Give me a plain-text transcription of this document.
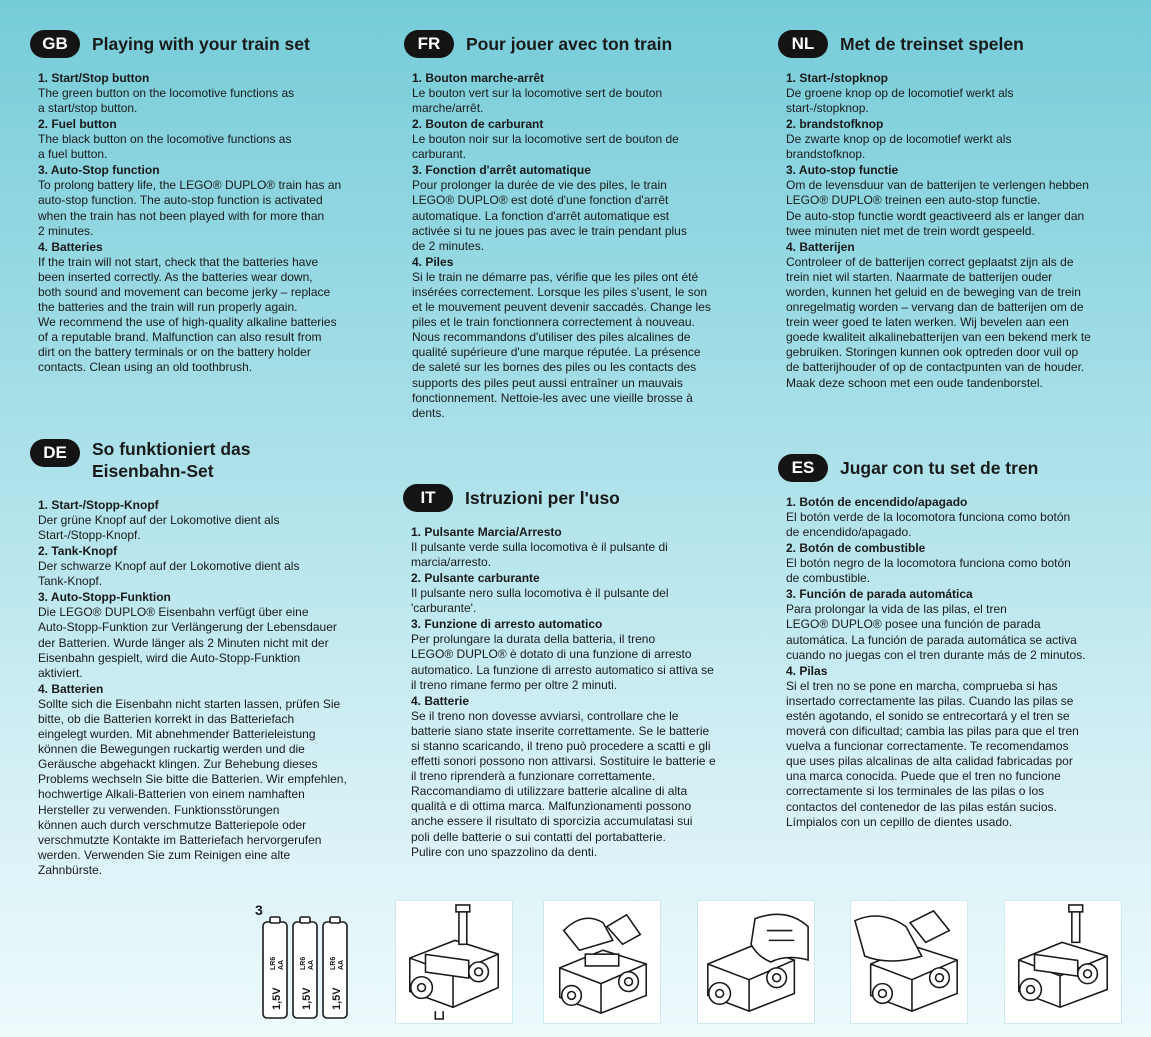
GB	Playing with your train set
1. Start/Stop button

The green button on the locomotive functions as
a start/stop button.

2. Fuel button

The black button on the locomotive functions as
a fuel button.

3. Auto-Stop function

To prolong battery life, the LEGO® DUPLO® train has an
auto-stop function. The auto-stop function is activated
when the train has not been played with for more than
2 minutes.

4. Batteries

If the train will not start, check that the batteries have
been inserted correctly. As the batteries wear down,
both sound and movement can become jerky – replace
the batteries and the train will run properly again.
We recommend the use of high-quality alkaline batteries
of a reputable brand. Malfunction can also result from
dirt on the battery terminals or on the battery holder
contacts. Clean using an old toothbrush.

FR	Pour jouer avec ton train
1. Bouton marche-arrêt

Le bouton vert sur la locomotive sert de bouton
marche/arrêt.

2. Bouton de carburant

Le bouton noir sur la locomotive sert de bouton de
carburant.

3. Fonction d'arrêt automatique

Pour prolonger la durée de vie des piles, le train
LEGO® DUPLO® est doté d'une fonction d'arrêt
automatique. La fonction d'arrêt automatique est
activée si tu ne joues pas avec le train pendant plus
de 2 minutes.

4. Piles

Si le train ne démarre pas, vérifie que les piles ont été
insérées correctement. Lorsque les piles s'usent, le son
et le mouvement peuvent devenir saccadés. Change les
piles et le train fonctionnera correctement à nouveau.
Nous recommandons d'utiliser des piles alcalines de
qualité supérieure d'une marque réputée. La présence
de saleté sur les bornes des piles ou les contacts des
supports des piles peut aussi entraîner un mauvais
fonctionnement. Nettoie-les avec une vieille brosse à
dents.

NL	Met de treinset spelen
1. Start-/stopknop

De groene knop op de locomotief werkt als
start-/stopknop.

2. brandstofknop

De zwarte knop op de locomotief werkt als
brandstofknop.

3. Auto-stop functie

Om de levensduur van de batterijen te verlengen hebben
LEGO® DUPLO® treinen een auto-stop functie.
De auto-stop functie wordt geactiveerd als er langer dan
twee minuten niet met de trein wordt gespeeld.

4. Batterijen

Controleer of de batterijen correct geplaatst zijn als de
trein niet wil starten. Naarmate de batterijen ouder
worden, kunnen het geluid en de beweging van de trein
onregelmatig worden – vervang dan de batterijen om de
trein weer goed te laten werken. Wij bevelen aan een
goede kwaliteit alkalinebatterijen van een bekend merk te
gebruiken. Storingen kunnen ook optreden door vuil op
de batterijhouder of op de contactpunten van de houder.
Maak deze schoon met een oude tandenborstel.

DE	So funktioniert das
Eisenbahn-Set
1. Start-/Stopp-Knopf

Der grüne Knopf auf der Lokomotive dient als
Start-/Stopp-Knopf.

2. Tank-Knopf

Der schwarze Knopf auf der Lokomotive dient als
Tank-Knopf.

3. Auto-Stopp-Funktion

Die LEGO® DUPLO® Eisenbahn verfügt über eine
Auto-Stopp-Funktion zur Verlängerung der Lebensdauer
der Batterien. Wurde länger als 2 Minuten nicht mit der
Eisenbahn gespielt, wird die Auto-Stopp-Funktion
aktiviert.

4. Batterien

Sollte sich die Eisenbahn nicht starten lassen, prüfen Sie
bitte, ob die Batterien korrekt in das Batteriefach
eingelegt wurden. Mit abnehmender Batterieleistung
können die Bewegungen ruckartig werden und die
Geräusche abgehackt klingen. Zur Behebung dieses
Problems wechseln Sie bitte die Batterien. Wir empfehlen,
hochwertige Alkali-Batterien von einem namhaften
Hersteller zu verwenden. Funktionsstörungen
können auch durch verschmutze Batteriepole oder
verschmutzte Kontakte im Batteriefach hervorgerufen
werden. Verwenden Sie zum Reinigen eine alte
Zahnbürste.

IT	Istruzioni per l'uso
1. Pulsante Marcia/Arresto

Il pulsante verde sulla locomotiva è il pulsante di
marcia/arresto.

2. Pulsante carburante

Il pulsante nero sulla locomotiva è il pulsante del
'carburante'.

3. Funzione di arresto automatico

Per prolungare la durata della batteria, il treno
LEGO® DUPLO® è dotato di una funzione di arresto
automatico. La funzione di arresto automatico si attiva se
il treno rimane fermo per oltre 2 minuti.

4. Batterie

Se il treno non dovesse avviarsi, controllare che le
batterie siano state inserite correttamente. Se le batterie
si stanno scaricando, il treno può procedere a scatti e gli
effetti sonori possono non attivarsi. Sostituire le batterie e
il treno riprenderà a funzionare correttamente.
Raccomandiamo di utilizzare batterie alcaline di alta
qualità e di ottima marca. Malfunzionamenti possono
anche essere il risultato di sporcizia accumulatasi sui
poli delle batterie o sui contatti del portabatterie.
Pulire con uno spazzolino da denti.

ES	Jugar con tu set de tren
1. Botón de encendido/apagado

El botón verde de la locomotora funciona como botón
de encendido/apagado.

2. Botón de combustible

El botón negro de la locomotora funciona como botón
de combustible.

3. Función de parada automática

Para prolongar la vida de las pilas, el tren
LEGO® DUPLO® posee una función de parada
automática. La función de parada automática se activa
cuando no juegas con el tren durante más de 2 minutos.

4. Pilas

Si el tren no se pone en marcha, comprueba si has
insertado correctamente las pilas. Cuando las pilas se
estén agotando, el sonido se entrecortará y el tren se
moverá con dificultad; cambia las pilas para que el tren
vuelva a funcionar correctamente. Te recomendamos
que uses pilas alcalinas de alta calidad fabricadas por
una marca conocida. Puede que el tren no funcione
correctamente si los terminales de las pilas o los
contactos del contenedor de las pilas están sucios.
Límpialos con un cepillo de dientes usado.

3
LR6 AA
1,5V
LR6 AA
1,5V
LR6 AA
1,5V
